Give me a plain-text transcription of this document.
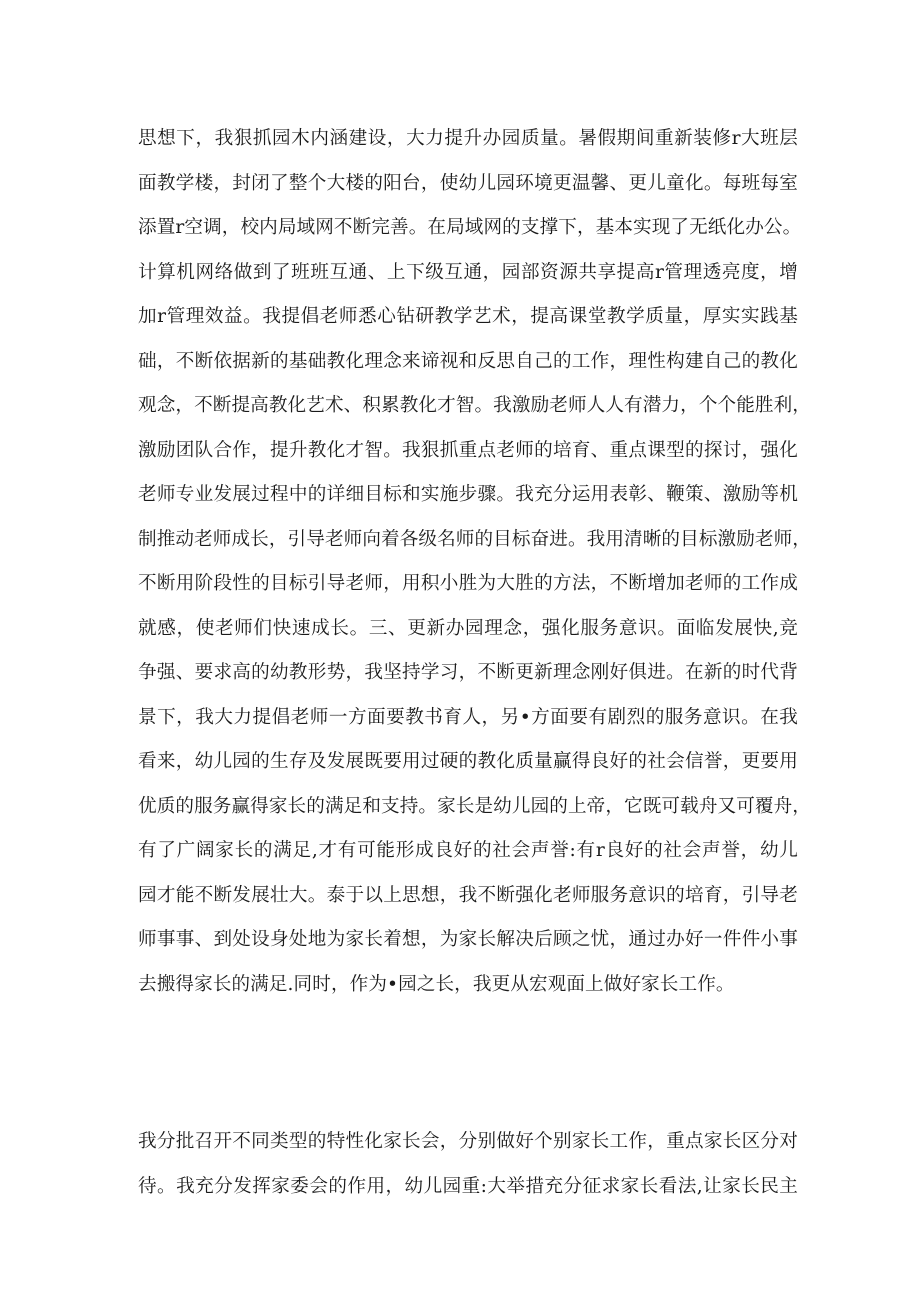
思想下，我狠抓园木内涵建设，大力提升办园质量。暑假期间重新装修r大班层
面教学楼，封闭了整个大楼的阳台，使幼儿园环境更温馨、更儿童化。每班每室
添置r空调，校内局域网不断完善。在局域网的支撑下，基本实现了无纸化办公。
计算机网络做到了班班互通、上下级互通，园部资源共享提高r管理透亮度，增
加r管理效益。我提倡老师悉心钻研教学艺术，提高课堂教学质量，厚实实践基
础，不断依据新的基础教化理念来谛视和反思自己的工作，理性构建自己的教化
观念，不断提高教化艺术、积累教化才智。我激励老师人人有潜力，个个能胜利，
激励团队合作，提升教化才智。我狠抓重点老师的培育、重点课型的探讨，强化
老师专业发展过程中的详细目标和实施步骤。我充分运用表彰、鞭策、激励等机
制推动老师成长，引导老师向着各级名师的目标奋进。我用清晰的目标激励老师，
不断用阶段性的目标引导老师，用积小胜为大胜的方法，不断增加老师的工作成
就感，使老师们快速成长。三、更新办园理念，强化服务意识。面临发展快,竞
争强、要求高的幼教形势，我坚持学习，不断更新理念刚好俱进。在新的时代背
景下，我大力提倡老师一方面要教书育人，另•方面要有剧烈的服务意识。在我
看来，幼儿园的生存及发展既要用过硬的教化质量赢得良好的社会信誉，更要用
优质的服务赢得家长的满足和支持。家长是幼儿园的上帝，它既可载舟又可覆舟，
有了广阔家长的满足,才有可能形成良好的社会声誉:有r良好的社会声誉，幼儿
园才能不断发展壮大。泰于以上思想，我不断强化老师服务意识的培育，引导老
师事事、到处设身处地为家长着想，为家长解决后顾之忧，通过办好一件件小事
去搬得家长的满足.同时，作为•园之长，我更从宏观面上做好家长工作。
我分批召开不同类型的特性化家长会，分别做好个别家长工作，重点家长区分对
待。我充分发挥家委会的作用，幼儿园重:大举措充分征求家长看法,让家长民主
